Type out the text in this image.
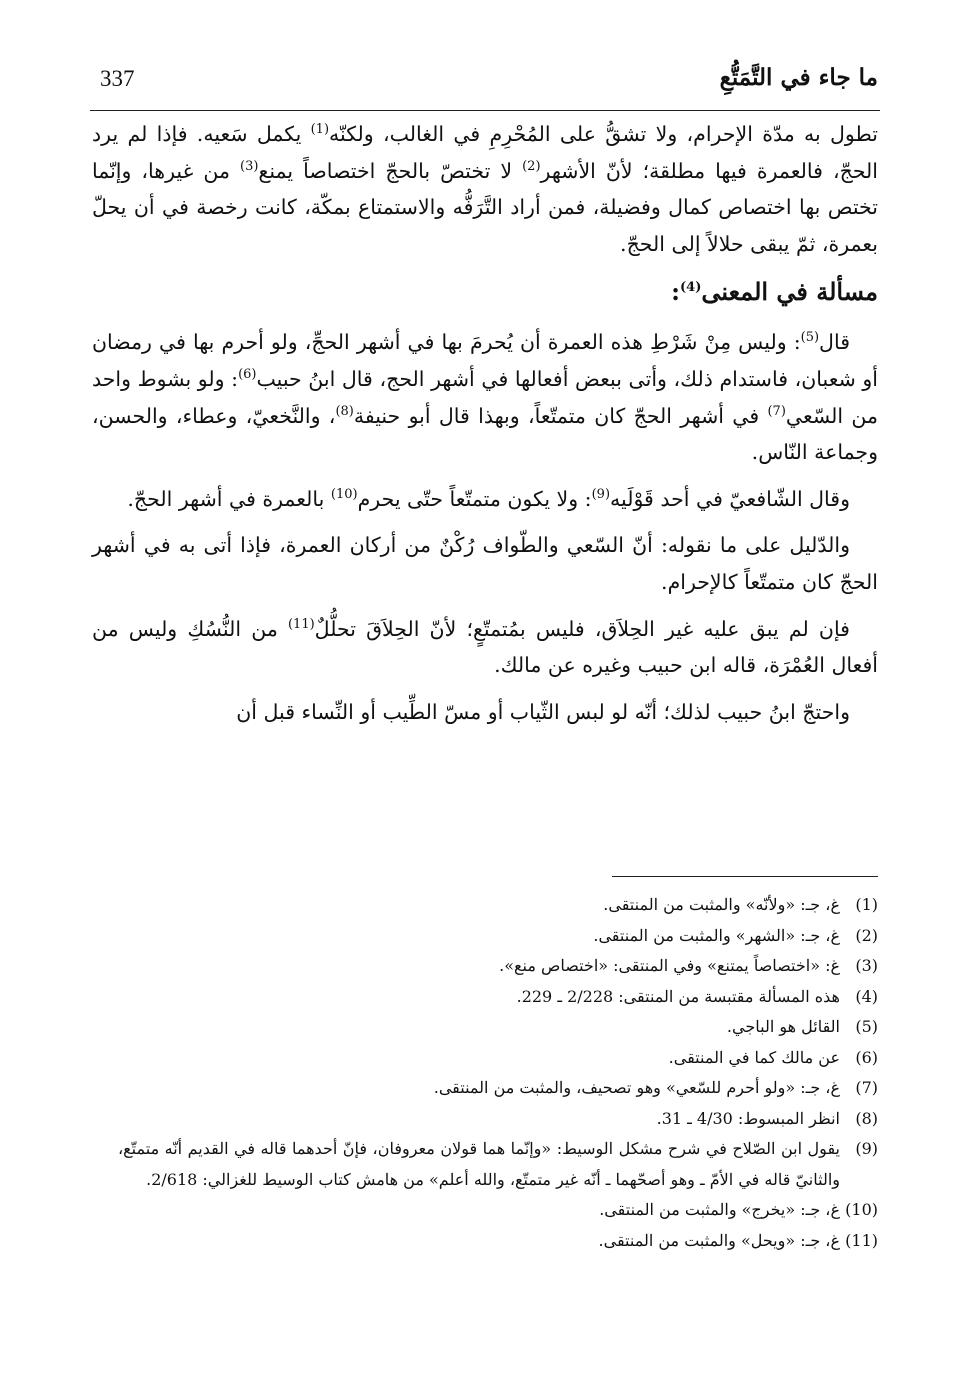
337	ما جاء في التَّمَتُّعِ

تطول به مدّة الإحرام، ولا تشقُّ على المُحْرِمِ في الغالب، ولكنّه$^{(1)}$ يكمل سَعيه. فإذا لم يرد الحجّ، فالعمرة فيها مطلقة؛ لأنّ الأشهر$^{(2)}$ لا تختصّ بالحجّ اختصاصاً يمنع$^{(3)}$ من غيرها، وإنّما تختص بها اختصاص كمال وفضيلة، فمن أراد التَّرَفُّه والاستمتاع بمكّة، كانت رخصة في أن يحلّ بعمرة، ثمّ يبقى حلالاً إلى الحجّ.

مسألة في المعنى$^{(4)}$:

قال$^{(5)}$: وليس مِنْ شَرْطِ هذه العمرة أن يُحرمَ بها في أشهر الحجِّ، ولو أحرم بها في رمضان أو شعبان، فاستدام ذلك، وأتى ببعض أفعالها في أشهر الحج، قال ابنُ حبيب$^{(6)}$: ولو بشوط واحد من السّعي$^{(7)}$ في أشهر الحجّ كان متمتّعاً، وبهذا قال أبو حنيفة$^{(8)}$، والنَّخعيّ، وعطاء، والحسن، وجماعة النّاس.

وقال الشّافعيّ في أحد قَوْلَيه$^{(9)}$: ولا يكون متمتّعاً حتّى يحرم$^{(10)}$ بالعمرة في أشهر الحجّ.

والدّليل على ما نقوله: أنّ السّعي والطّواف رُكْنٌ من أركان العمرة، فإذا أتى به في أشهر الحجّ كان متمتّعاً كالإحرام.

فإن لم يبق عليه غير الحِلاَق، فليس بمُتمتّعٍ؛ لأنّ الحِلاَقَ تحلُّلٌ$^{(11)}$ من النُّسُكِ وليس من أفعال العُمْرَة، قاله ابن حبيب وغيره عن مالك.

واحتجّ ابنُ حبيب لذلك؛ أنّه لو لبس الثّياب أو مسّ الطِّيب أو النِّساء قبل أن

(1)
غ، جـ: «ولأنّه» والمثبت من المنتقى.
(2)
غ، جـ: «الشهر» والمثبت من المنتقى.
(3)
غ: «اختصاصاً يمتنع» وفي المنتقى: «اختصاص منع».
(4)
هذه المسألة مقتبسة من المنتقى: 2/228 ـ 229.
(5)
القائل هو الباجي.
(6)
عن مالك كما في المنتقى.
(7)
غ، جـ: «ولو أحرم للسّعي» وهو تصحيف، والمثبت من المنتقى.
(8)
انظر المبسوط: 4/30 ـ 31.
(9)
يقول ابن الصّلاح في شرح مشكل الوسيط: «وإنّما هما قولان معروفان، فإنّ أحدهما قاله في القديم أنّه متمتّع، والثانيّ قاله في الأمّ ـ وهو أصحّهما ـ أنّه غير متمتّع، والله أعلم» من هامش كتاب الوسيط للغزالي: 2/618.
(10)
غ، جـ: «يخرج» والمثبت من المنتقى.
(11)
غ، جـ: «ويحل» والمثبت من المنتقى.
